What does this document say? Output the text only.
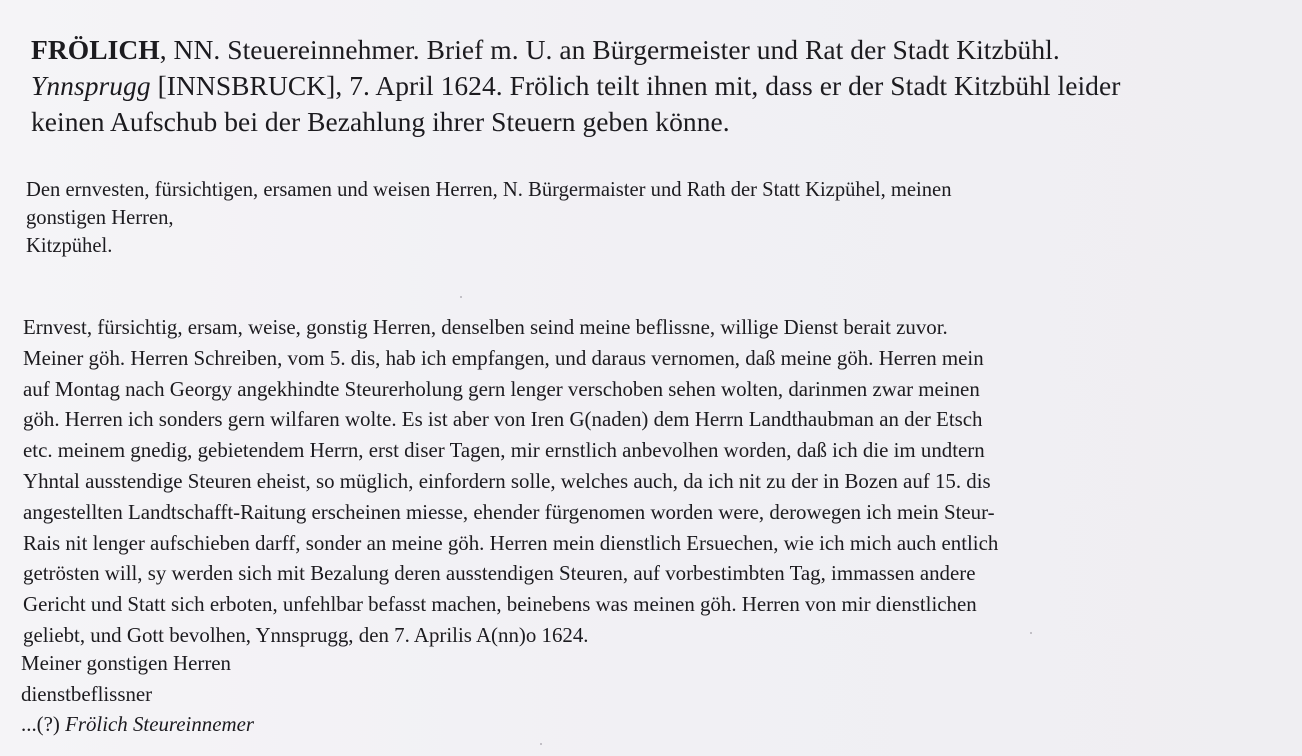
FRÖLICH, NN. Steuereinnehmer. Brief m. U. an Bürgermeister und Rat der Stadt Kitzbühl.
Ynnsprugg [INNSBRUCK], 7. April 1624. Frölich teilt ihnen mit, dass er der Stadt Kitzbühl leider
keinen Aufschub bei der Bezahlung ihrer Steuern geben könne.
Den ernvesten, fürsichtigen, ersamen und weisen Herren, N. Bürgermaister und Rath der Statt Kizpühel, meinen
gonstigen Herren,
Kitzpühel.
Ernvest, fürsichtig, ersam, weise, gonstig Herren, denselben seind meine beflissne, willige Dienst berait zuvor.
Meiner göh. Herren Schreiben, vom 5. dis, hab ich empfangen, und daraus vernomen, daß meine göh. Herren mein
auf Montag nach Georgy angekhindte Steurerholung gern lenger verschoben sehen wolten, darinmen zwar meinen
göh. Herren ich sonders gern wilfaren wolte. Es ist aber von Iren G(naden) dem Herrn Landthaubman an der Etsch
etc. meinem gnedig, gebietendem Herrn, erst diser Tagen, mir ernstlich anbevolhen worden, daß ich die im undtern
Yhntal ausstendige Steuren eheist, so müglich, einfordern solle, welches auch, da ich nit zu der in Bozen auf 15. dis
angestellten Landtschafft-Raitung erscheinen miesse, ehender fürgenomen worden were, derowegen ich mein Steur-
Rais nit lenger aufschieben darff, sonder an meine göh. Herren mein dienstlich Ersuechen, wie ich mich auch entlich
getrösten will, sy werden sich mit Bezalung deren ausstendigen Steuren, auf vorbestimbten Tag, immassen andere
Gericht und Statt sich erboten, unfehlbar befasst machen, beinebens was meinen göh. Herren von mir dienstlichen
geliebt, und Gott bevolhen, Ynnsprugg, den 7. Aprilis A(nn)o 1624.
Meiner gonstigen Herren
dienstbeflissner
...(?) Frölich Steureinnemer
